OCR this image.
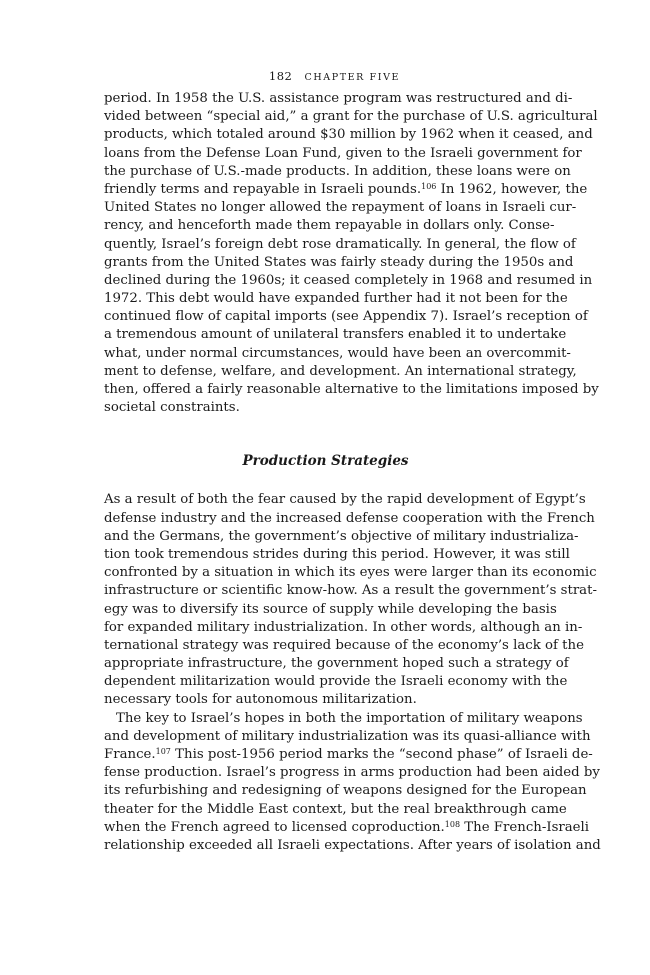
182 CHAPTER FIVE
period. In 1958 the U.S. assistance program was restructured and di-
vided between “special aid,” a grant for the purchase of U.S. agricultural
products, which totaled around $30 million by 1962 when it ceased, and
loans from the Defense Loan Fund, given to the Israeli government for
the purchase of U.S.-made products. In addition, these loans were on
friendly terms and repayable in Israeli pounds.$^{106}$ In 1962, however, the
United States no longer allowed the repayment of loans in Israeli cur-
rency, and henceforth made them repayable in dollars only. Conse-
quently, Israel’s foreign debt rose dramatically. In general, the flow of
grants from the United States was fairly steady during the 1950s and
declined during the 1960s; it ceased completely in 1968 and resumed in
1972. This debt would have expanded further had it not been for the
continued flow of capital imports (see Appendix 7). Israel’s reception of
a tremendous amount of unilateral transfers enabled it to undertake
what, under normal circumstances, would have been an overcommit-
ment to defense, welfare, and development. An international strategy,
then, offered a fairly reasonable alternative to the limitations imposed by
societal constraints.
Production Strategies
As a result of both the fear caused by the rapid development of Egypt’s
defense industry and the increased defense cooperation with the French
and the Germans, the government’s objective of military industrializa-
tion took tremendous strides during this period. However, it was still
confronted by a situation in which its eyes were larger than its economic
infrastructure or scientific know-how. As a result the government’s strat-
egy was to diversify its source of supply while developing the basis
for expanded military industrialization. In other words, although an in-
ternational strategy was required because of the economy’s lack of the
appropriate infrastructure, the government hoped such a strategy of
dependent militarization would provide the Israeli economy with the
necessary tools for autonomous militarization.
The key to Israel’s hopes in both the importation of military weapons
and development of military industrialization was its quasi-alliance with
France.$^{107}$ This post-1956 period marks the “second phase” of Israeli de-
fense production. Israel’s progress in arms production had been aided by
its refurbishing and redesigning of weapons designed for the European
theater for the Middle East context, but the real breakthrough came
when the French agreed to licensed coproduction.$^{108}$ The French-Israeli
relationship exceeded all Israeli expectations. After years of isolation and
